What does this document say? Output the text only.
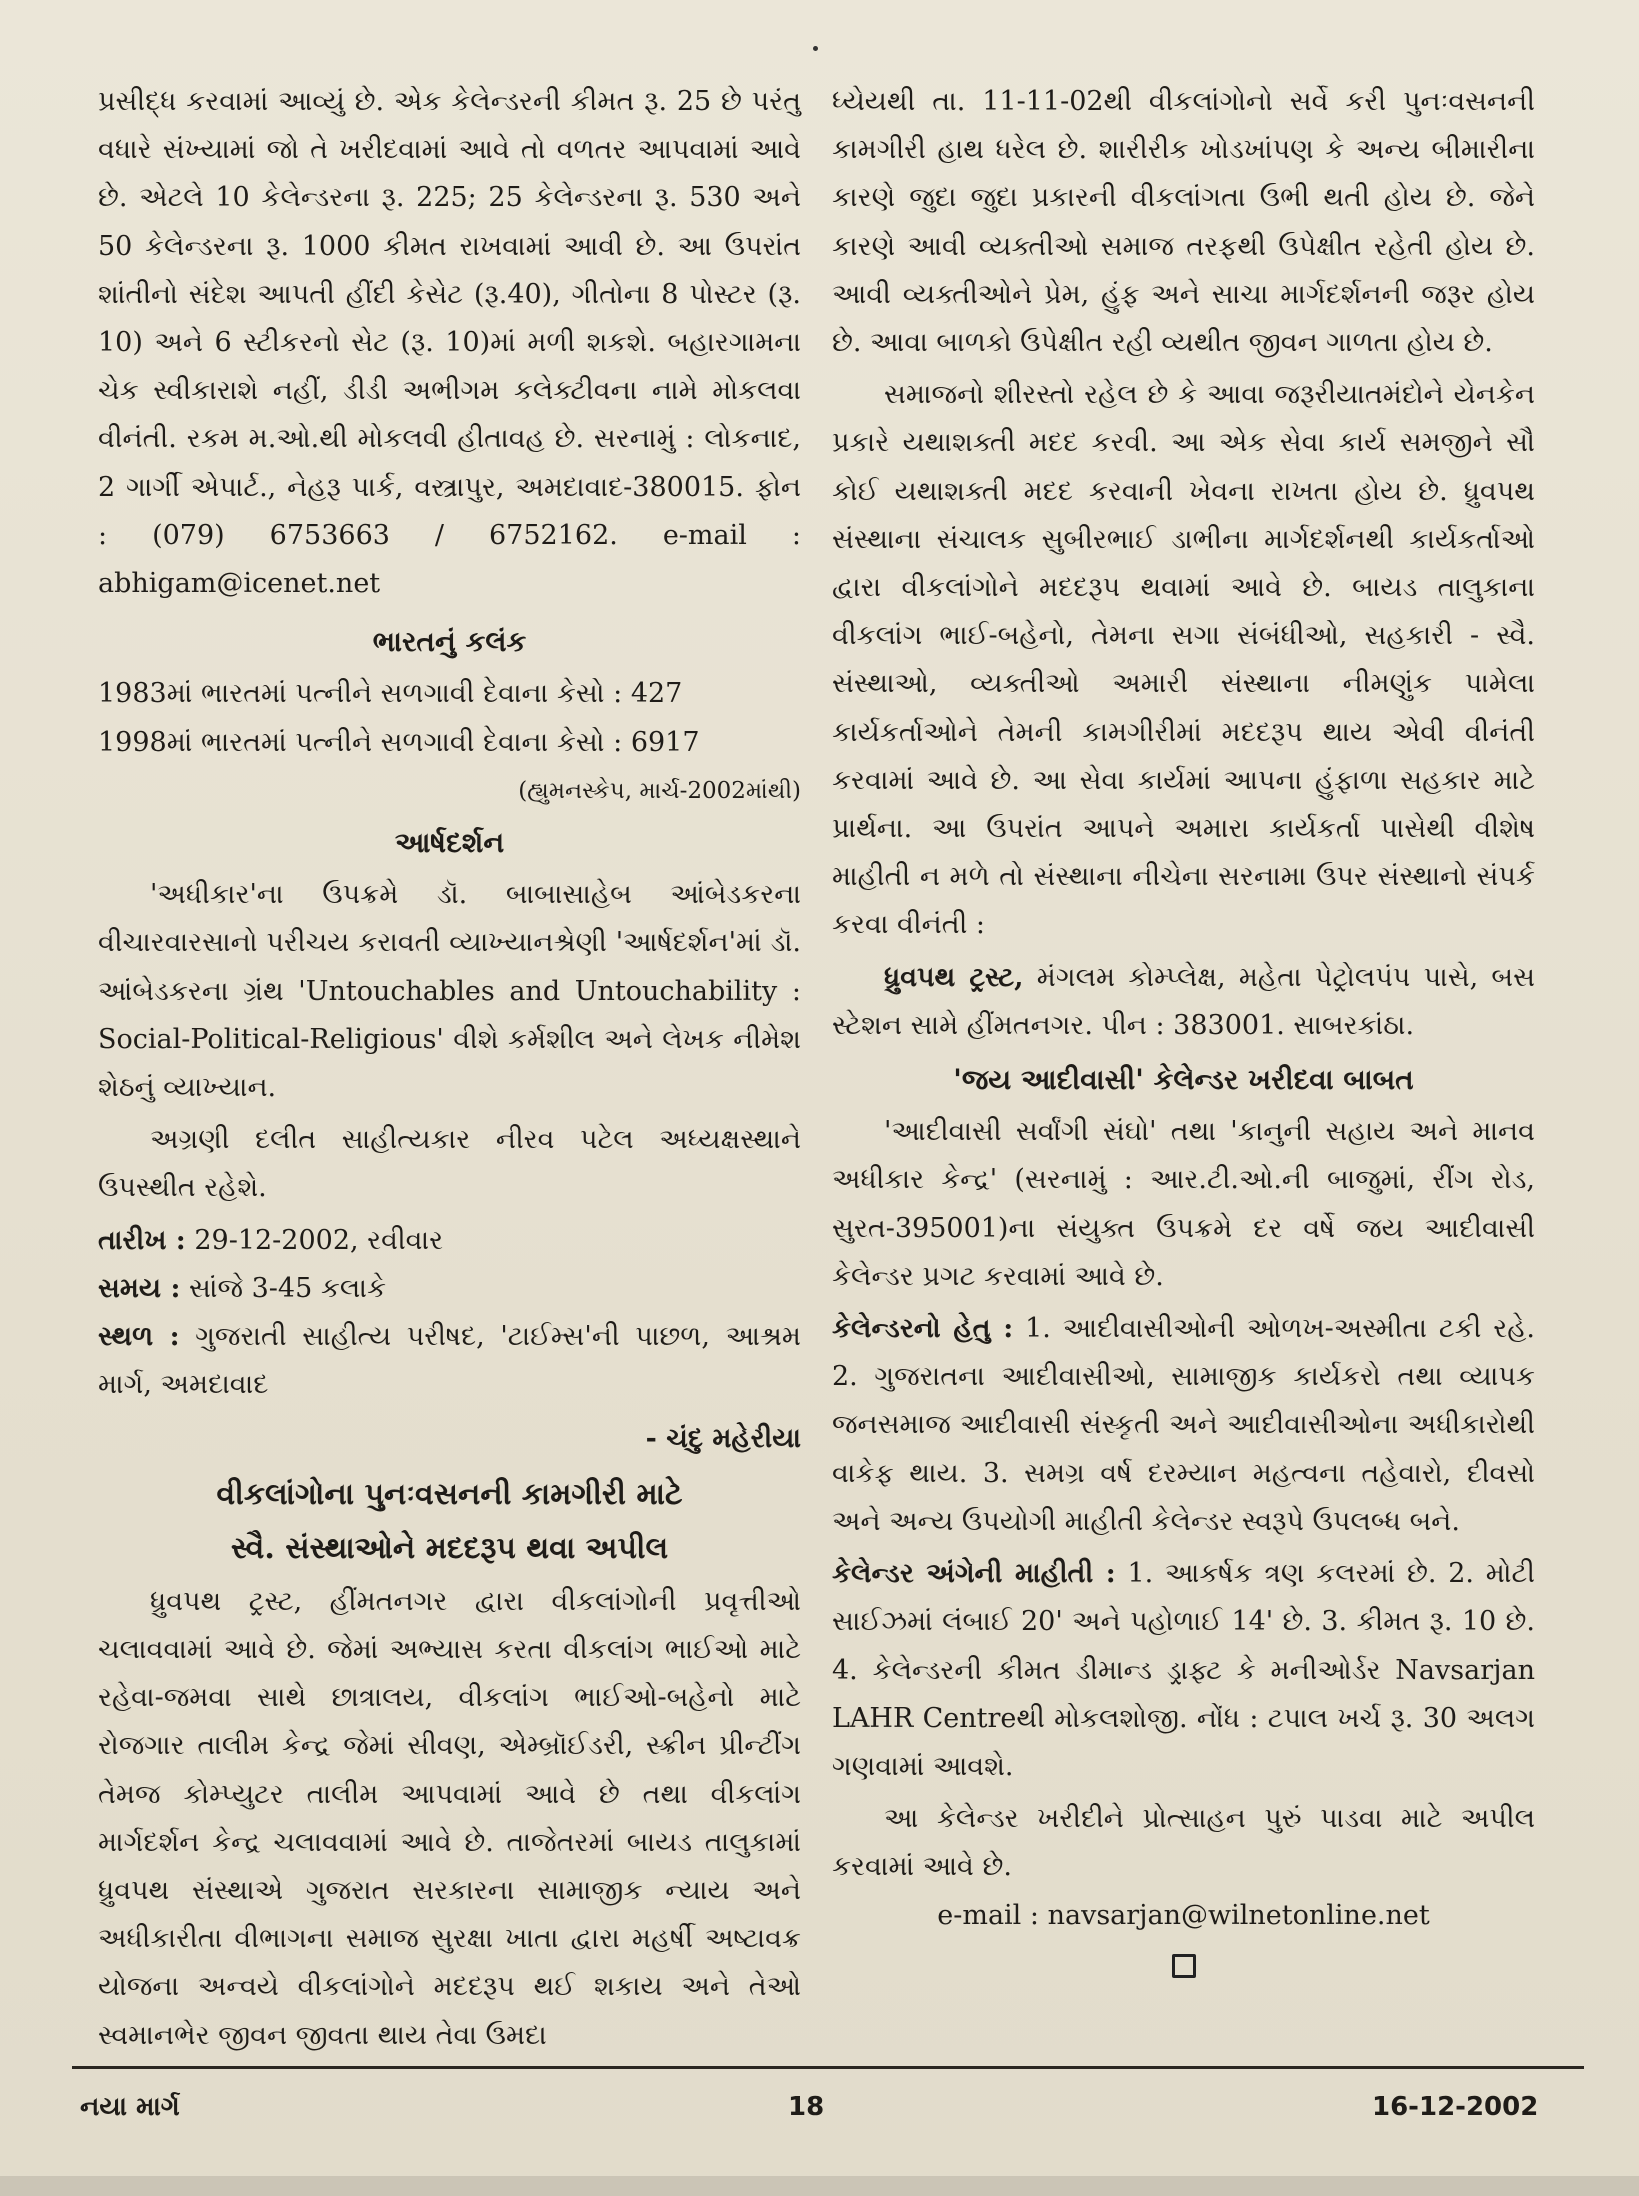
પ્રસીદ્ધ કરવામાં આવ્યું છે. એક કેલેન્ડરની કીમત રૂ. 25 છે પરંતુ વધારે સંખ્યામાં જો તે ખરીદવામાં આવે તો વળતર આપવામાં આવે છે. એટલે 10 કેલેન્ડરના રૂ. 225; 25 કેલેન્ડરના રૂ. 530 અને 50 કેલેન્ડરના રૂ. 1000 કીમત રાખવામાં આવી છે. આ ઉપરાંત શાંતીનો સંદેશ આપતી હીંદી કેસેટ (રૂ.40), ગીતોના 8 પોસ્ટર (રૂ. 10) અને 6 સ્ટીકરનો સેટ (રૂ. 10)માં મળી શકશે. બહારગામના ચેક સ્વીકારાશે નહીં, ડીડી અભીગમ કલેક્ટીવના નામે મોકલવા વીનંતી. રકમ મ.ઓ.થી મોકલવી હીતાવહ છે. સરનામું : લોકનાદ, 2 ગાર્ગી એપાર્ટ., નેહરૂ પાર્ક, વસ્ત્રાપુર, અમદાવાદ-380015. ફોન : (079) 6753663 / 6752162. e-mail : abhigam@icenet.net

ભારતનું કલંક

1983માં ભારતમાં પત્નીને સળગાવી દેવાના કેસો : 427

1998માં ભારતમાં પત્નીને સળગાવી દેવાના કેસો : 6917

(હ્યુમનસ્કેપ, માર્ચ-2002માંથી)

આર્ષદર્શન

'અધીકાર'ના ઉપક્રમે ડૉ. બાબાસાહેબ આંબેડકરના વીચારવારસાનો પરીચય કરાવતી વ્યાખ્યાનશ્રેણી 'આર્ષદર્શન'માં ડૉ. આંબેડકરના ગ્રંથ 'Untouchables and Untouchability : Social-Political-Religious' વીશે કર્મશીલ અને લેખક નીમેશ શેઠનું વ્યાખ્યાન.

અગ્રણી દલીત સાહીત્યકાર નીરવ પટેલ અધ્યક્ષસ્થાને ઉપસ્થીત રહેશે.

તારીખ : 29-12-2002, રવીવાર

સમય : સાંજે 3-45 કલાકે

સ્થળ : ગુજરાતી સાહીત્ય પરીષદ, 'ટાઈમ્સ'ની પાછળ, આશ્રમ માર્ગ, અમદાવાદ

- ચંદુ મહેરીયા

વીકલાંગોના પુનઃવસનની કામગીરી માટે

સ્વૈ. સંસ્થાઓને મદદરૂપ થવા અપીલ

ધ્રુવપથ ટ્રસ્ટ, હીંમતનગર દ્વારા વીકલાંગોની પ્રવૃત્તીઓ ચલાવવામાં આવે છે. જેમાં અભ્યાસ કરતા વીકલાંગ ભાઈઓ માટે રહેવા-જમવા સાથે છાત્રાલય, વીકલાંગ ભાઈઓ-બહેનો માટે રોજગાર તાલીમ કેન્દ્ર જેમાં સીવણ, એમ્બ્રૉઈડરી, સ્ક્રીન પ્રીન્ટીંગ તેમજ કોમ્પ્યુટર તાલીમ આપવામાં આવે છે તથા વીકલાંગ માર્ગદર્શન કેન્દ્ર ચલાવવામાં આવે છે. તાજેતરમાં બાયડ તાલુકામાં ધ્રુવપથ સંસ્થાએ ગુજરાત સરકારના સામાજીક ન્યાય અને અધીકારીતા વીભાગના સમાજ સુરક્ષા ખાતા દ્વારા મહર્ષી અષ્ટાવક્ર યોજના અન્વયે વીકલાંગોને મદદરૂપ થઈ શકાય અને તેઓ સ્વમાનભેર જીવન જીવતા થાય તેવા ઉમદા

ધ્યેયથી તા. 11-11-02થી વીકલાંગોનો સર્વે કરી પુનઃવસનની કામગીરી હાથ ધરેલ છે. શારીરીક ખોડખાંપણ કે અન્ય બીમારીના કારણે જુદા જુદા પ્રકારની વીકલાંગતા ઉભી થતી હોય છે. જેને કારણે આવી વ્યક્તીઓ સમાજ તરફથી ઉપેક્ષીત રહેતી હોય છે. આવી વ્યક્તીઓને પ્રેમ, હુંફ અને સાચા માર્ગદર્શનની જરૂર હોય છે. આવા બાળકો ઉપેક્ષીત રહી વ્યથીત જીવન ગાળતા હોય છે.

સમાજનો શીરસ્તો રહેલ છે કે આવા જરૂરીયાતમંદોને યેનકેન પ્રકારે યથાશક્તી મદદ કરવી. આ એક સેવા કાર્ય સમજીને સૌ કોઈ યથાશક્તી મદદ કરવાની ખેવના રાખતા હોય છે. ધ્રુવપથ સંસ્થાના સંચાલક સુબીરભાઈ ડાભીના માર્ગદર્શનથી કાર્યકર્તાઓ દ્વારા વીકલાંગોને મદદરૂપ થવામાં આવે છે. બાયડ તાલુકાના વીકલાંગ ભાઈ-બહેનો, તેમના સગા સંબંધીઓ, સહકારી - સ્વૈ. સંસ્થાઓ, વ્યક્તીઓ અમારી સંસ્થાના નીમણુંક પામેલા કાર્યકર્તાઓને તેમની કામગીરીમાં મદદરૂપ થાય એવી વીનંતી કરવામાં આવે છે. આ સેવા કાર્યમાં આપના હુંફાળા સહકાર માટે પ્રાર્થના. આ ઉપરાંત આપને અમારા કાર્યકર્તા પાસેથી વીશેષ માહીતી ન મળે તો સંસ્થાના નીચેના સરનામા ઉપર સંસ્થાનો સંપર્ક કરવા વીનંતી :

ધ્રુવપથ ટ્રસ્ટ, મંગલમ કોમ્પ્લેક્ષ, મહેતા પેટ્રોલપંપ પાસે, બસ સ્ટેશન સામે હીંમતનગર. પીન : 383001. સાબરકાંઠા.

'જય આદીવાસી' કેલેન્ડર ખરીદવા બાબત

'આદીવાસી સર્વાંગી સંઘો' તથા 'કાનુની સહાય અને માનવ અધીકાર કેન્દ્ર' (સરનામું : આર.ટી.ઓ.ની બાજુમાં, રીંગ રોડ, સુરત-395001)ના સંયુક્ત ઉપક્રમે દર વર્ષે જય આદીવાસી કેલેન્ડર પ્રગટ કરવામાં આવે છે.

કેલેન્ડરનો હેતુ : 1. આદીવાસીઓની ઓળખ-અસ્મીતા ટકી રહે. 2. ગુજરાતના આદીવાસીઓ, સામાજીક કાર્યકરો તથા વ્યાપક જનસમાજ આદીવાસી સંસ્કૃતી અને આદીવાસીઓના અધીકારોથી વાકેફ થાય. 3. સમગ્ર વર્ષ દરમ્યાન મહત્વના તહેવારો, દીવસો અને અન્ય ઉપયોગી માહીતી કેલેન્ડર સ્વરૂપે ઉપલબ્ધ બને.

કેલેન્ડર અંગેની માહીતી : 1. આકર્ષક ત્રણ કલરમાં છે. 2. મોટી સાઈઝમાં લંબાઈ 20' અને પહોળાઈ 14' છે. 3. કીમત રૂ. 10 છે. 4. કેલેન્ડરની કીમત ડીમાન્ડ ડ્રાફ્ટ કે મનીઓર્ડર Navsarjan LAHR Centreથી મોકલશોજી. નોંધ : ટપાલ ખર્ચ રૂ. 30 અલગ ગણવામાં આવશે.

આ કેલેન્ડર ખરીદીને પ્રોત્સાહન પુરું પાડવા માટે અપીલ કરવામાં આવે છે.

e-mail : navsarjan@wilnetonline.net

નયા માર્ગ	18	16-12-2002
